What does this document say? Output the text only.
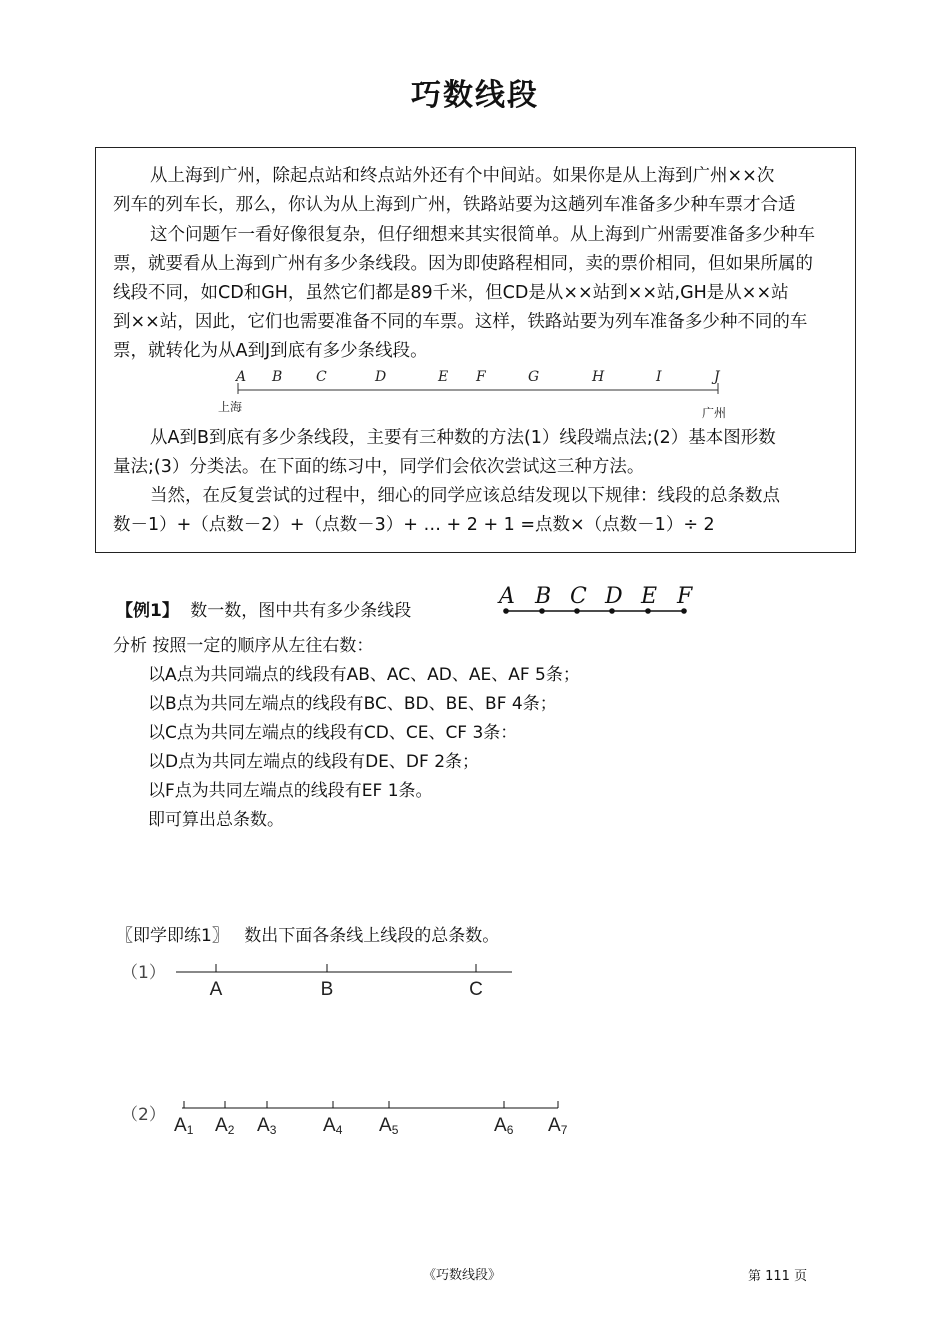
巧数线段
从上海到广州，除起点站和终点站外还有个中间站。如果你是从上海到广州××次
列车的列车长，那么，你认为从上海到广州，铁路站要为这趟列车准备多少种车票才合适
这个问题乍一看好像很复杂，但仔细想来其实很简单。从上海到广州需要准备多少种车
票，就要看从上海到广州有多少条线段。因为即使路程相同，卖的票价相同，但如果所属的
线段不同，如CD和GH，虽然它们都是89千米，但CD是从××站到××站,GH是从××站
到××站，因此，它们也需要准备不同的车票。这样，铁路站要为列车准备多少种不同的车
票，就转化为从A到J到底有多少条线段。
A B C	D	E F	G	H	I	J
上海	广州
从A到B到底有多少条线段，主要有三种数的方法(1）线段端点法;(2）基本图形数
量法;(3）分类法。在下面的练习中，同学们会依次尝试这三种方法。
当然，在反复尝试的过程中，细心的同学应该总结发现以下规律：线段的总条数点
数－1）+（点数－2）+（点数－3）+ … + 2 + 1 =点数×（点数－1）÷ 2
【例1】 数一数，图中共有多少条线段
A B C D E F
分析 按照一定的顺序从左往右数：
以A点为共同端点的线段有AB、AC、AD、AE、AF 5条；
以B点为共同左端点的线段有BC、BD、BE、BF 4条；
以C点为共同左端点的线段有CD、CE、CF 3条：
以D点为共同左端点的线段有DE、DF 2条；
以F点为共同左端点的线段有EF 1条。
即可算出总条数。
〖即学即练1〗 数出下面各条线上线段的总条数。
（1）
A	B	C
（2） A1 A2 A3 A4 A5	A6 A7
《巧数线段》	第 111 页
